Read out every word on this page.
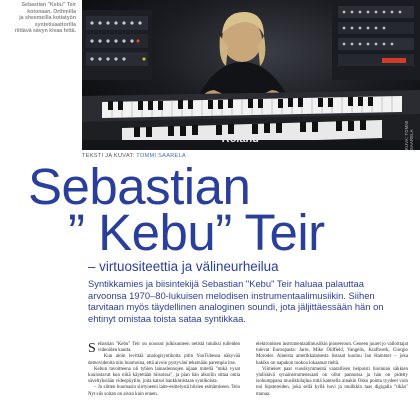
Sebastian "Kebu" Teir
kotonaan. Orthmilla
ja sheemeilla kotiatyön
syntetisaattorilla
riittävä sävyn kivaa fettä.
Roland	KUVA: TOMMI SAARELA
TEKSTI JA KUVAT: TOMMI SAARELA
Sebastian
” Kebu” Teir
– virtuositeettia ja välineurheilua

Syntikkamies ja biisintekijä Sebastian "Kebu" Teir haluaa palauttaa arvoonsa 1970–80-lukuisen melodisen instrumentaalimusiikin. Siihen tarvitaan myös täydellinen analoginen soundi, jota jäljittäessään hän on ehtinyt omistaa toista sataa syntikkaa.

Sebastian "Kebu" Teir on noussut julkisuuteen netistä tutuiksi tulleiden videoiden kautta.

Kun aloin levittää analogisyntikoita pitin YouTubessa näkyvää demovideoita niin huomoina, että aivoin pystyvänï tekemään parempia itse.

Kebun tavoitteena oli tyhien lainaslennojen aijaan mitellä "mikä vysat kuulostavat kun niitä käytetään hiisoissa", ja pian hän alkoilin sittaa omia säveltyksiään videopöytiin, joita katsoi hankkimistaan syntikoista.

– Jo siitten huomasin siirtyneeni laite-esittelystä biisien esittämiseen. Tein Nyt siis soitan on aivan kuin ennen.

elektronisten instrumentaalimusiikin pioneeroon. Geneen juuret jo valloittajat tulevat Euroopasta: Jarre, Mike Oldfield, Vangelis, Kraftwerk, Giorgio Moroder. Aineista amerikkalaisesta listasat kuuluu Jan Hammer – joka hakiko on napakon tuokoa lokaamat tieltä.

Viimeiset paat vuosikymmentä vaarallisen helpoisti hioinnan säkkien yhdistävä synainstrumenssaati on ollut pannussa ja hän on pidetty isohumppana musiikkilajina mitä kantsella ainakin Osko pointa tyydeet voin nni hipstereiden, joka sellä kyllä huvi ja muilkkin taas digigalla "tikän" munaa.
